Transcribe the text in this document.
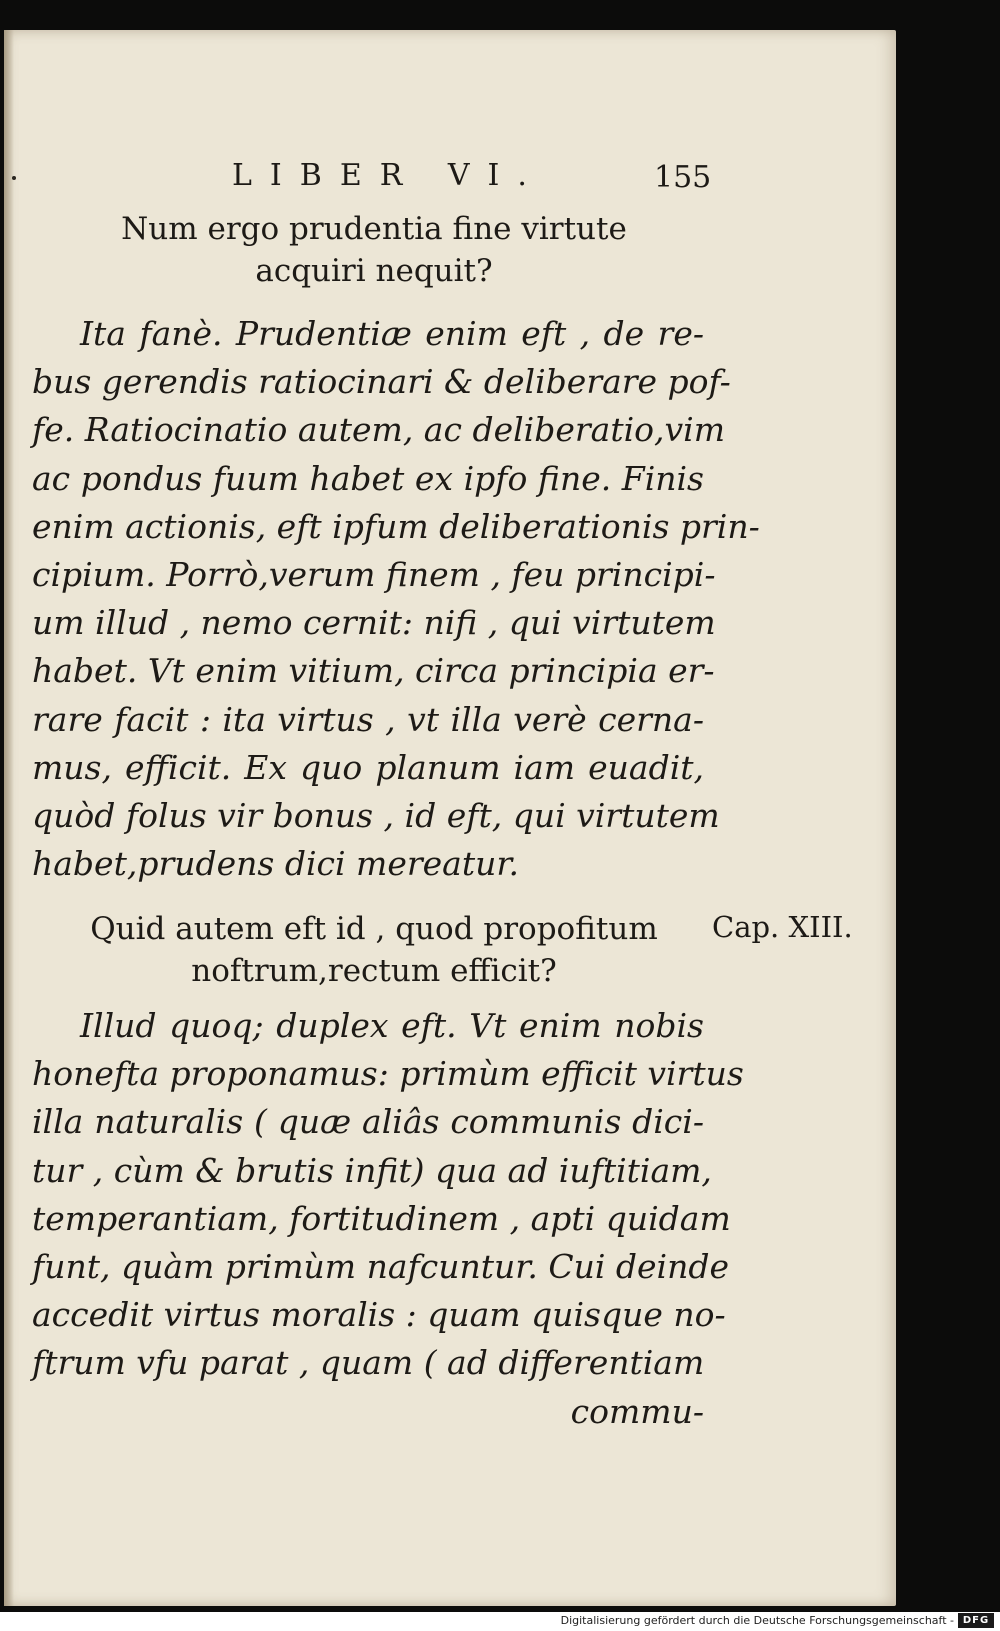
LIBER VI.	155
Num ergo prudentia fine virtute
acquiri nequit?
Ita fanè. Prudentiæ enim eft , de re-
bus gerendis ratiocinari & deliberare pof-
fe. Ratiocinatio autem, ac deliberatio,vim
ac pondus fuum habet ex ipfo fine. Finis
enim actionis, eft ipfum deliberationis prin-
cipium. Porrò,verum finem , feu principi-
um illud , nemo cernit: nifi , qui virtutem
habet. Vt enim vitium, circa principia er-
rare facit : ita virtus , vt illa verè cerna-
mus, efficit. Ex quo planum iam euadit,
quòd folus vir bonus , id eft, qui virtutem
habet,prudens dici mereatur.
Quid autem eft id , quod propofitum
noftrum,rectum efficit?
Cap. XIII.
Illud quoq; duplex eft. Vt enim nobis
honefta proponamus: primùm efficit virtus
illa naturalis ( quæ aliâs communis dici-
tur , cùm & brutis infit) qua ad iuftitiam,
temperantiam, fortitudinem , apti quidam
funt, quàm primùm nafcuntur. Cui deinde
accedit virtus moralis : quam quisque no-
ftrum vfu parat , quam ( ad differentiam
commu-
Digitalisierung gefördert durch die Deutsche Forschungsgemeinschaft - DFG
